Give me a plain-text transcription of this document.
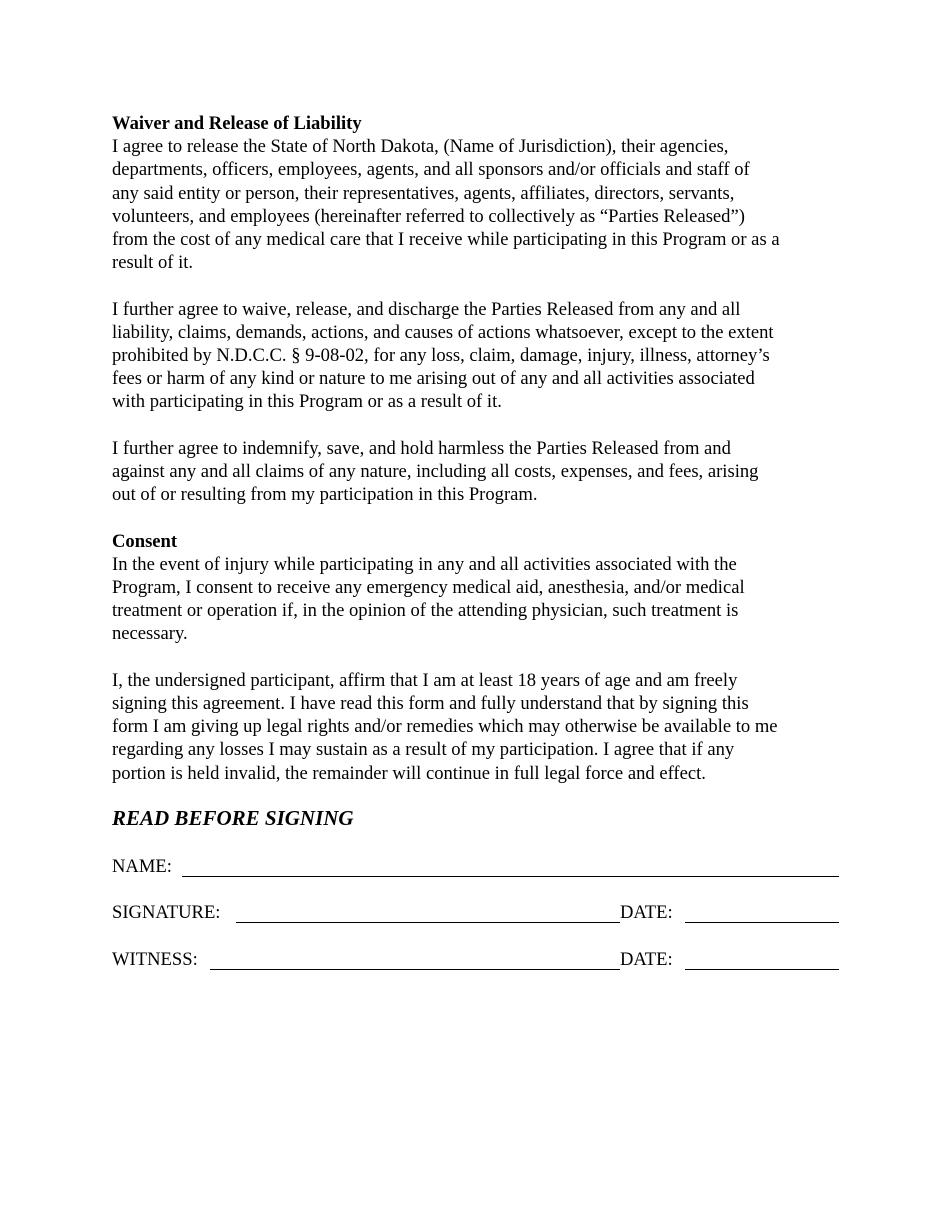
Waiver and Release of Liability

I agree to release the State of North Dakota, (Name of Jurisdiction), their agencies,
departments, officers, employees, agents, and all sponsors and/or officials and staff of
any said entity or person, their representatives, agents, affiliates, directors, servants,
volunteers, and employees (hereinafter referred to collectively as “Parties Released”)
from the cost of any medical care that I receive while participating in this Program or as a
result of it.

I further agree to waive, release, and discharge the Parties Released from any and all
liability, claims, demands, actions, and causes of actions whatsoever, except to the extent
prohibited by N.D.C.C. § 9-08-02, for any loss, claim, damage, injury, illness, attorney’s
fees or harm of any kind or nature to me arising out of any and all activities associated
with participating in this Program or as a result of it.

I further agree to indemnify, save, and hold harmless the Parties Released from and
against any and all claims of any nature, including all costs, expenses, and fees, arising
out of or resulting from my participation in this Program.

Consent

In the event of injury while participating in any and all activities associated with the
Program, I consent to receive any emergency medical aid, anesthesia, and/or medical
treatment or operation if, in the opinion of the attending physician, such treatment is
necessary.

I, the undersigned participant, affirm that I am at least 18 years of age and am freely
signing this agreement. I have read this form and fully understand that by signing this
form I am giving up legal rights and/or remedies which may otherwise be available to me
regarding any losses I may sustain as a result of my participation. I agree that if any
portion is held invalid, the remainder will continue in full legal force and effect.

READ BEFORE SIGNING
NAME:
SIGNATURE:	DATE:
WITNESS:	DATE:
